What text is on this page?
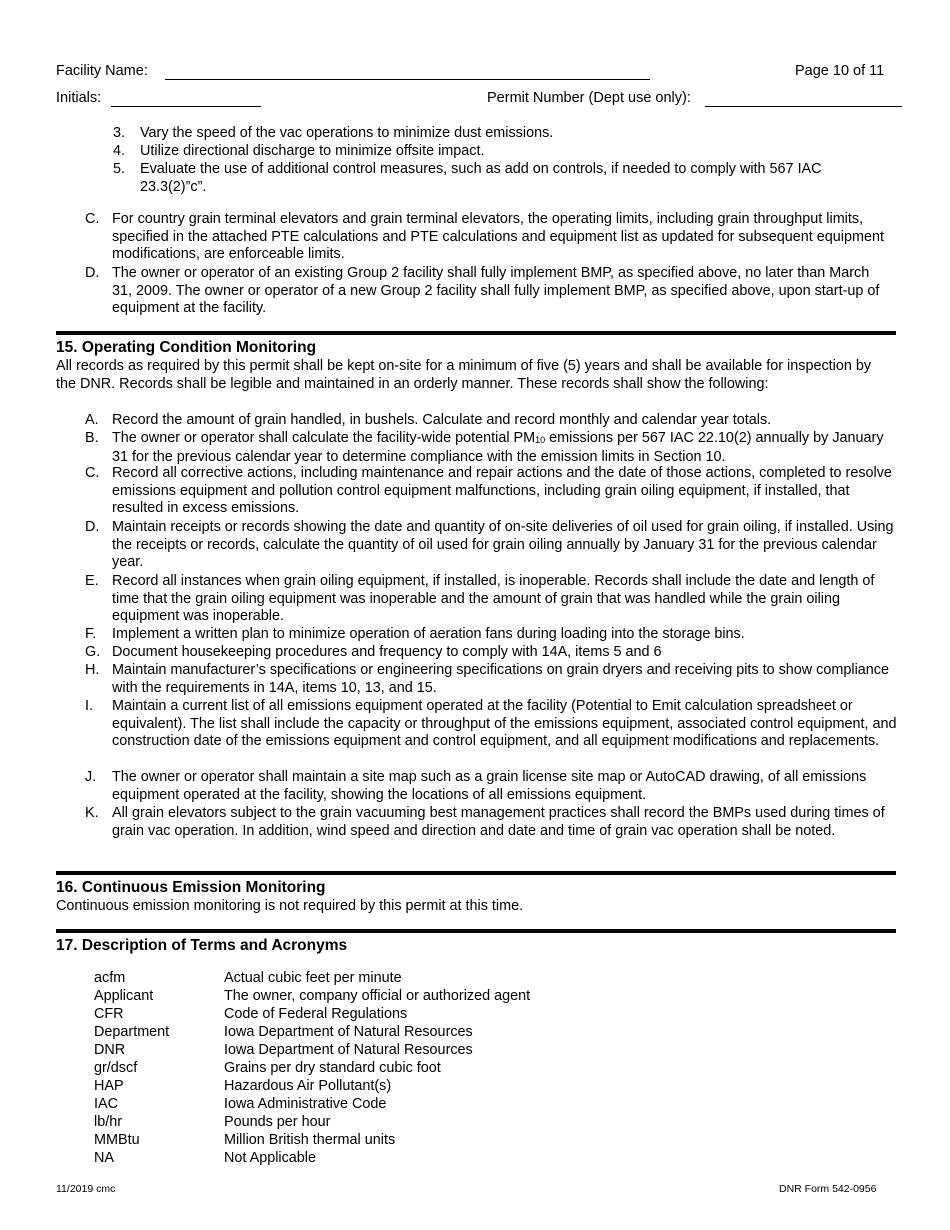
Facility Name:	Page 10 of 11
Initials:	Permit Number (Dept use only):
3. Vary the speed of the vac operations to minimize dust emissions.
4. Utilize directional discharge to minimize offsite impact.
5. Evaluate the use of additional control measures, such as add on controls, if needed to comply with 567 IAC 23.3(2)”c”.
C. For country grain terminal elevators and grain terminal elevators, the operating limits, including grain throughput limits, specified in the attached PTE calculations and PTE calculations and equipment list as updated for subsequent equipment modifications, are enforceable limits.
D. The owner or operator of an existing Group 2 facility shall fully implement BMP, as specified above, no later than March 31, 2009. The owner or operator of a new Group 2 facility shall fully implement BMP, as specified above, upon start-up of equipment at the facility.
15. Operating Condition Monitoring
All records as required by this permit shall be kept on-site for a minimum of five (5) years and shall be available for inspection by the DNR. Records shall be legible and maintained in an orderly manner. These records shall show the following:
A. Record the amount of grain handled, in bushels. Calculate and record monthly and calendar year totals.
B. The owner or operator shall calculate the facility-wide potential $PM_{10}$ emissions per 567 IAC 22.10(2) annually by January 31 for the previous calendar year to determine compliance with the emission limits in Section 10.
C. Record all corrective actions, including maintenance and repair actions and the date of those actions, completed to resolve emissions equipment and pollution control equipment malfunctions, including grain oiling equipment, if installed, that resulted in excess emissions.
D. Maintain receipts or records showing the date and quantity of on-site deliveries of oil used for grain oiling, if installed. Using the receipts or records, calculate the quantity of oil used for grain oiling annually by January 31 for the previous calendar year.
E. Record all instances when grain oiling equipment, if installed, is inoperable. Records shall include the date and length of time that the grain oiling equipment was inoperable and the amount of grain that was handled while the grain oiling equipment was inoperable.
F. Implement a written plan to minimize operation of aeration fans during loading into the storage bins.
G. Document housekeeping procedures and frequency to comply with 14A, items 5 and 6
H. Maintain manufacturer’s specifications or engineering specifications on grain dryers and receiving pits to show compliance with the requirements in 14A, items 10, 13, and 15.
I. Maintain a current list of all emissions equipment operated at the facility (Potential to Emit calculation spreadsheet or equivalent). The list shall include the capacity or throughput of the emissions equipment, associated control equipment, and construction date of the emissions equipment and control equipment, and all equipment modifications and replacements.
J. The owner or operator shall maintain a site map such as a grain license site map or AutoCAD drawing, of all emissions equipment operated at the facility, showing the locations of all emissions equipment.
K. All grain elevators subject to the grain vacuuming best management practices shall record the BMPs used during times of grain vac operation. In addition, wind speed and direction and date and time of grain vac operation shall be noted.
16. Continuous Emission Monitoring
Continuous emission monitoring is not required by this permit at this time.
17. Description of Terms and Acronyms
acfm	Actual cubic feet per minute
Applicant	The owner, company official or authorized agent
CFR	Code of Federal Regulations
Department	Iowa Department of Natural Resources
DNR	Iowa Department of Natural Resources
gr/dscf	Grains per dry standard cubic foot
HAP	Hazardous Air Pollutant(s)
IAC	Iowa Administrative Code
lb/hr	Pounds per hour
MMBtu	Million British thermal units
NA	Not Applicable
11/2019 cmc	DNR Form 542-0956
